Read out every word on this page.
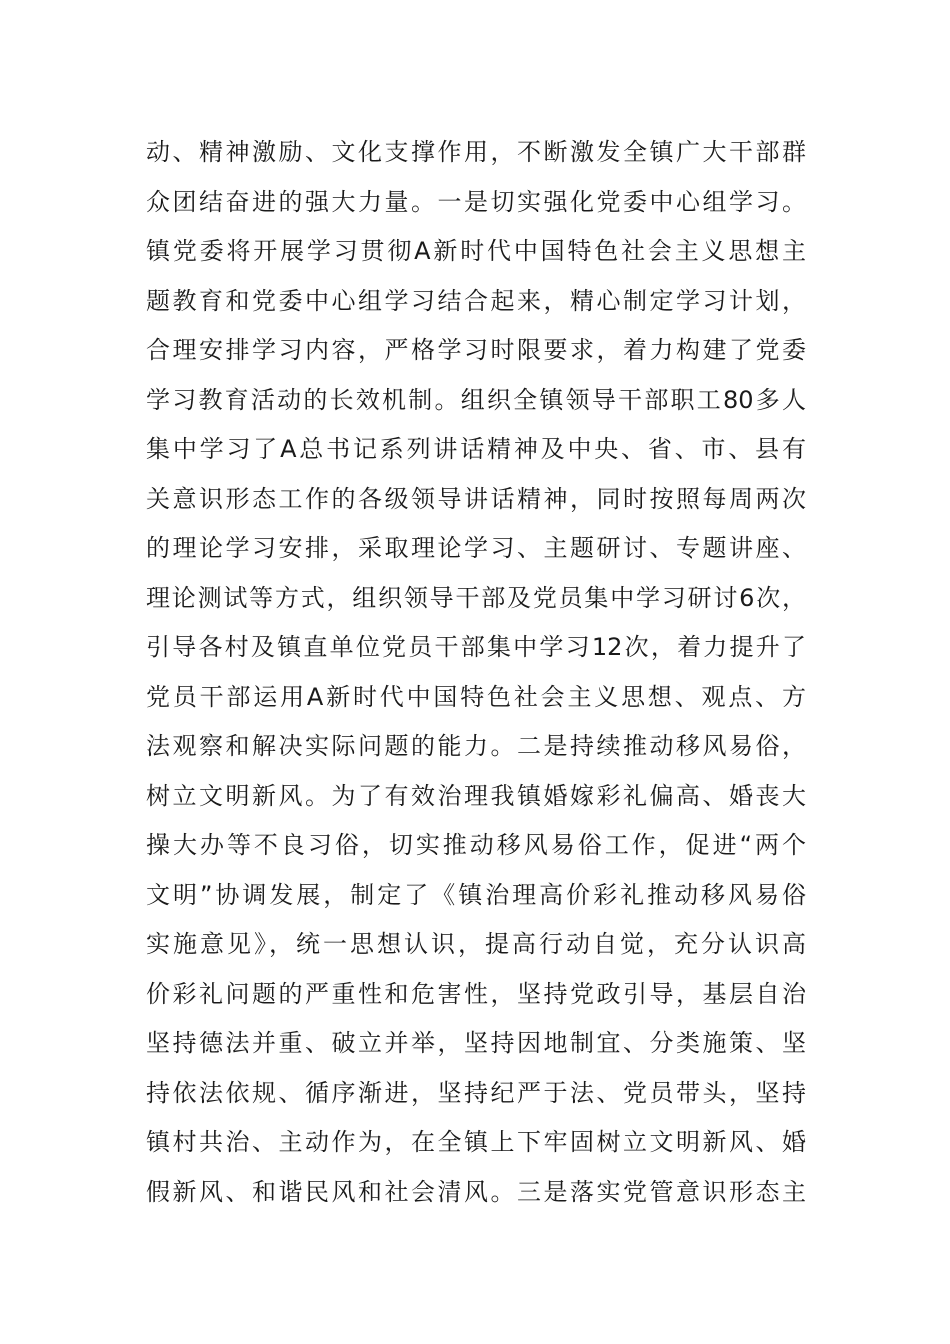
动、精神激励、文化支撑作用，不断激发全镇广大干部群
众团结奋进的强大力量。一是切实强化党委中心组学习。
镇党委将开展学习贯彻A新时代中国特色社会主义思想主
题教育和党委中心组学习结合起来，精心制定学习计划，
合理安排学习内容，严格学习时限要求，着力构建了党委
学习教育活动的长效机制。组织全镇领导干部职工80多人
集中学习了A总书记系列讲话精神及中央、省、市、县有
关意识形态工作的各级领导讲话精神，同时按照每周两次
的理论学习安排，采取理论学习、主题研讨、专题讲座、
理论测试等方式，组织领导干部及党员集中学习研讨6次，
引导各村及镇直单位党员干部集中学习12次，着力提升了
党员干部运用A新时代中国特色社会主义思想、观点、方
法观察和解决实际问题的能力。二是持续推动移风易俗，
树立文明新风。为了有效治理我镇婚嫁彩礼偏高、婚丧大
操大办等不良习俗，切实推动移风易俗工作，促进“两个
文明”协调发展，制定了《镇治理高价彩礼推动移风易俗
实施意见》，统一思想认识，提高行动自觉，充分认识高
价彩礼问题的严重性和危害性，坚持党政引导，基层自治
坚持德法并重、破立并举，坚持因地制宜、分类施策、坚
持依法依规、循序渐进，坚持纪严于法、党员带头，坚持
镇村共治、主动作为，在全镇上下牢固树立文明新风、婚
假新风、和谐民风和社会清风。三是落实党管意识形态主
